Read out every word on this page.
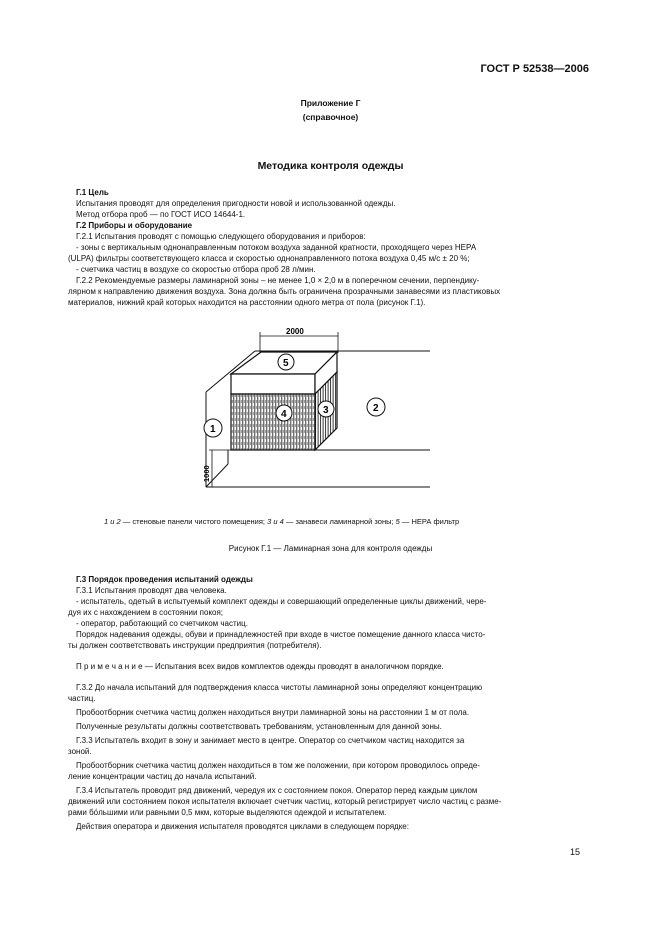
ГОСТ Р 52538—2006
Приложение Г
(справочное)
Методика контроля одежды

Г.1 Цель

Испытания проводят для определения пригодности новой и использованной одежды.

Метод отбора проб — по ГОСТ ИСО 14644-1.

Г.2 Приборы и оборудование

Г.2.1 Испытания проводят с помощью следующего оборудования и приборов:

- зоны с вертикальным однонаправленным потоком воздуха заданной кратности, проходящего через НЕРА

(ULPA) фильтры соответствующего класса и скоростью однонаправленного потока воздуха 0,45 м/с ± 20 %;

- счетчика частиц в воздухе со скоростью отбора проб 28 л/мин.

Г.2.2 Рекомендуемые размеры ламинарной зоны – не менее 1,0 × 2,0 м в поперечном сечении, перпендику-

лярном к направлению движения воздуха. Зона должна быть ограничена прозрачными занавесями из пластиковых

материалов, нижний край которых находится на расстоянии одного метра от пола (рисунок Г.1).

2000
1000
5
4	3
1
2
1 и 2 — стеновые панели чистого помещения; 3 и 4 — занавеси ламинарной зоны; 5 — НЕРА фильтр
Рисунок Г.1 — Ламинарная зона для контроля одежды

Г.3 Порядок проведения испытаний одежды

Г.3.1 Испытания проводят два человека.

- испытатель, одетый в испытуемый комплект одежды и совершающий определенные циклы движений, чере-

дуя их с нахождением в состоянии покоя;

- оператор, работающий со счетчиком частиц.

Порядок надевания одежды, обуви и принадлежностей при входе в чистое помещение данного класса чисто-

ты должен соответствовать инструкции предприятия (потребителя).

П р и м е ч а н и е — Испытания всех видов комплектов одежды проводят в аналогичном порядке.

Г.3.2 До начала испытаний для подтверждения класса чистоты ламинарной зоны определяют концентрацию

частиц.

Пробоотборник счетчика частиц должен находиться внутри ламинарной зоны на расстоянии 1 м от пола.

Полученные результаты должны соответствовать требованиям, установленным для данной зоны.

Г.3.3 Испытатель входит в зону и занимает место в центре. Оператор со счетчиком частиц находится за

зоной.

Пробоотборник счетчика частиц должен находиться в том же положении, при котором проводилось опреде-

ление концентрации частиц до начала испытаний.

Г.3.4 Испытатель проводит ряд движений, чередуя их с состоянием покоя. Оператор перед каждым циклом

движений или состоянием покоя испытателя включает счетчик частиц, который регистрирует число частиц с разме-

рами бо́льшими или равными 0,5 мкм, которые выделяются одеждой и испытателем.

Действия оператора и движения испытателя проводятся циклами в следующем порядке:

15
